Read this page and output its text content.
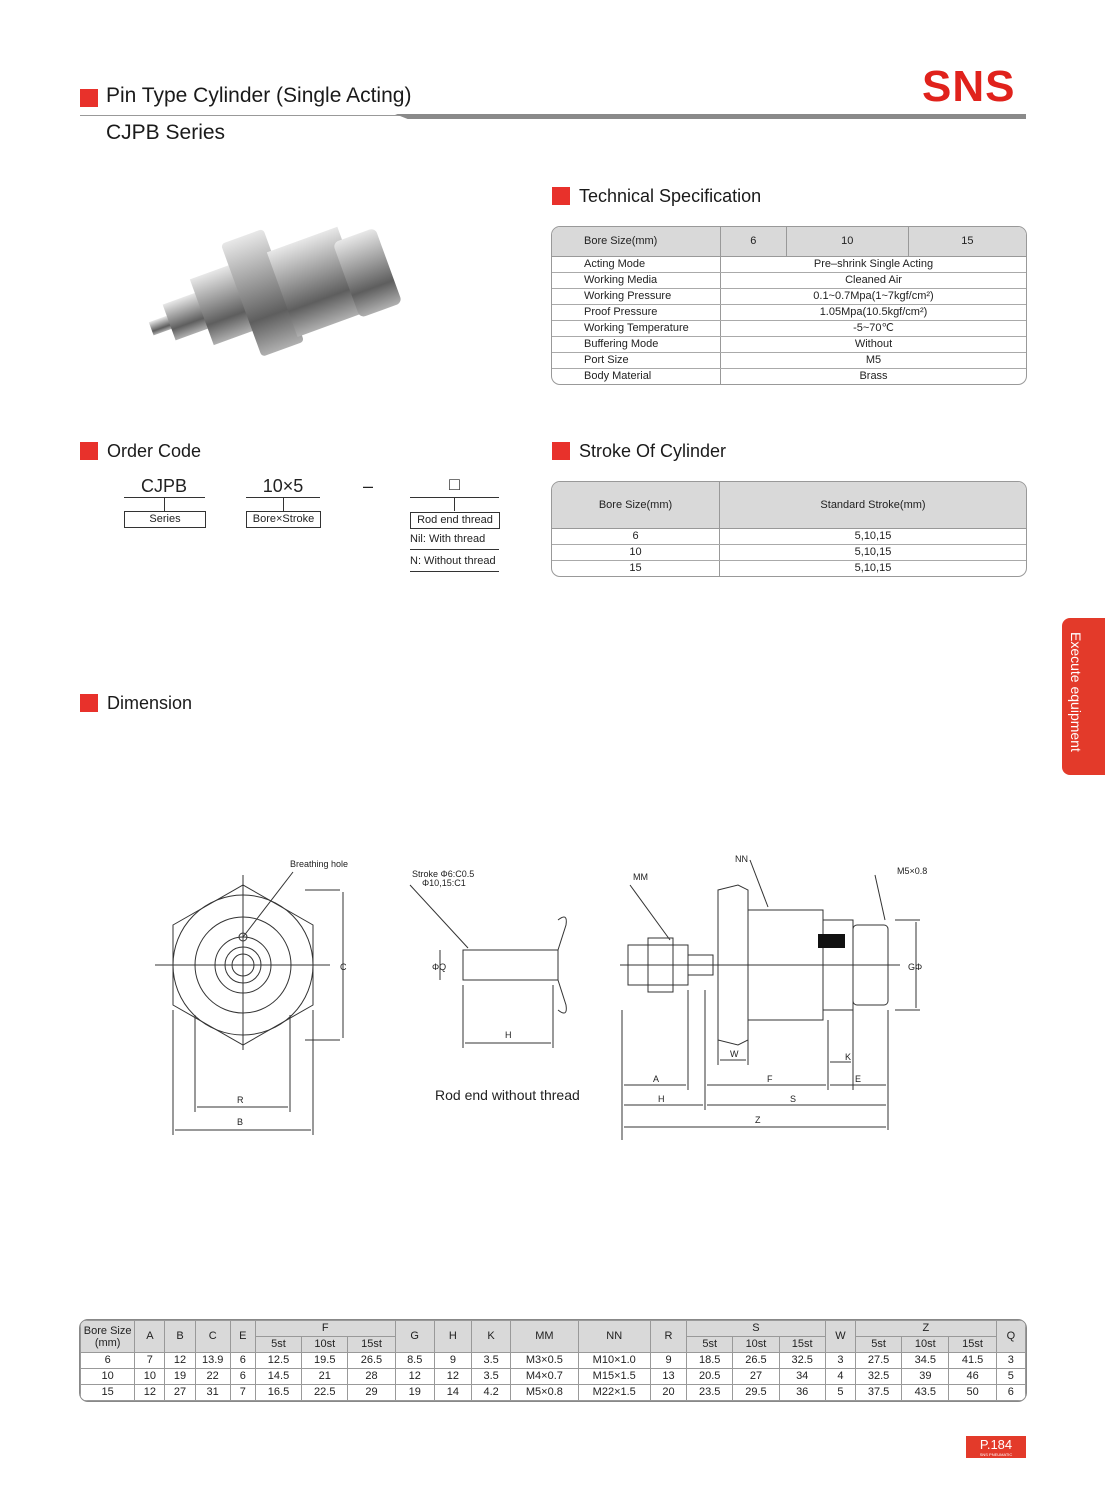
Pin Type Cylinder (Single Acting)
CJPB Series
SNS
Technical Specification
Bore Size(mm)	6	10	15
Acting Mode	Pre–shrink Single Acting		
Working Media	Cleaned Air		
Working Pressure	0.1~0.7Mpa(1~7kgf/cm²)		
Proof Pressure	1.05Mpa(10.5kgf/cm²)		
Working Temperature	-5~70℃		
Buffering Mode	Without		
Port Size	M5		
Body Material	Brass		
Order Code
CJPB
Series
10×5
Bore×Stroke
–	□
Rod end thread
Nil: With thread
N: Without thread
Stroke Of Cylinder
Bore Size(mm)	Standard Stroke(mm)
6	5,10,15
10	5,10,15
15	5,10,15
Execute equipment
Dimension
Breathing hole
C
R
B
Stroke Φ6:C0.5
Φ10,15:C1
ΦQ
H
NN
MM
M5×0.8
GΦ
W	K
A	F	E
H	S
Z
Rod end without thread
Bore Size (mm)	A	B	C	E	F			G	H	K	MM	NN	R	S			W	Z			Q
					5st	10st	15st							5st	10st	15st		5st	10st	15st	
6	7	12	13.9	6	12.5	19.5	26.5	8.5	9	3.5	M3×0.5	M10×1.0	9	18.5	26.5	32.5	3	27.5	34.5	41.5	3
10	10	19	22	6	14.5	21	28	12	12	3.5	M4×0.7	M15×1.5	13	20.5	27	34	4	32.5	39	46	5
15	12	27	31	7	16.5	22.5	29	19	14	4.2	M5×0.8	M22×1.5	20	23.5	29.5	36	5	37.5	43.5	50	6
P.184
SNS PNEUMATIC
